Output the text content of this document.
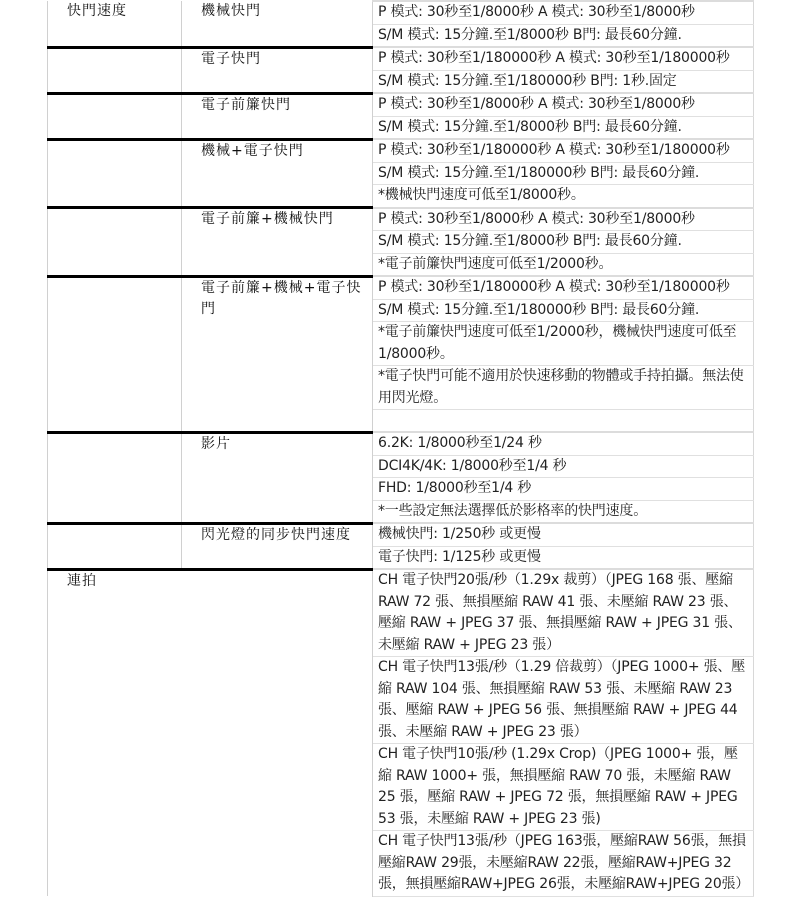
快門速度	機械快門	P 模式: 30秒至1/8000秒 A 模式: 30秒至1/8000秒
		S/M 模式: 15分鐘.至1/8000秒 B門: 最長60分鐘.
	電子快門	P 模式: 30秒至1/180000秒 A 模式: 30秒至1/180000秒
		S/M 模式: 15分鐘.至1/180000秒 B門: 1秒.固定
	電子前簾快門	P 模式: 30秒至1/8000秒 A 模式: 30秒至1/8000秒
		S/M 模式: 15分鐘.至1/8000秒 B門: 最長60分鐘.
	機械+電子快門	P 模式: 30秒至1/180000秒 A 模式: 30秒至1/180000秒
		S/M 模式: 15分鐘.至1/180000秒 B門: 最長60分鐘.
		*機械快門速度可低至1/8000秒。
	電子前簾+機械快門	P 模式: 30秒至1/8000秒 A 模式: 30秒至1/8000秒
		S/M 模式: 15分鐘.至1/8000秒 B門: 最長60分鐘.
		*電子前簾快門速度可低至1/2000秒。
	電子前簾+機械+電子快門	P 模式: 30秒至1/180000秒 A 模式: 30秒至1/180000秒
		S/M 模式: 15分鐘.至1/180000秒 B門: 最長60分鐘.
		*電子前簾快門速度可低至1/2000秒，機械快門速度可低至1/8000秒。
		*電子快門可能不適用於快速移動的物體或手持拍攝。無法使用閃光燈。

	影片	6.2K: 1/8000秒至1/24 秒
		DCI4K/4K: 1/8000秒至1/4 秒
		FHD: 1/8000秒至1/4 秒
		*一些設定無法選擇低於影格率的快門速度。
	閃光燈的同步快門速度	機械快門: 1/250秒 或更慢
		電子快門: 1/125秒 或更慢
連拍		CH 電子快門20張/秒（1.29x 裁剪）（JPEG 168 張、壓縮 RAW 72 張、無損壓縮 RAW 41 張、未壓縮 RAW 23 張、壓縮 RAW + JPEG 37 張、無損壓縮 RAW + JPEG 31 張、未壓縮 RAW + JPEG 23 張）
		CH 電子快門13張/秒（1.29 倍裁剪）（JPEG 1000+ 張、壓縮 RAW 104 張、無損壓縮 RAW 53 張、未壓縮 RAW 23 張、壓縮 RAW + JPEG 56 張、無損壓縮 RAW + JPEG 44 張、未壓縮 RAW + JPEG 23 張）
		CH 電子快門10張/秒 (1.29x Crop)（JPEG 1000+ 張，壓縮 RAW 1000+ 張，無損壓縮 RAW 70 張，未壓縮 RAW 25 張，壓縮 RAW + JPEG 72 張，無損壓縮 RAW + JPEG 53 張，未壓縮 RAW + JPEG 23 張)
		CH 電子快門13張/秒（JPEG 163張，壓縮RAW 56張，無損壓縮RAW 29張，未壓縮RAW 22張，壓縮RAW+JPEG 32張，無損壓縮RAW+JPEG 26張，未壓縮RAW+JPEG 20張）
